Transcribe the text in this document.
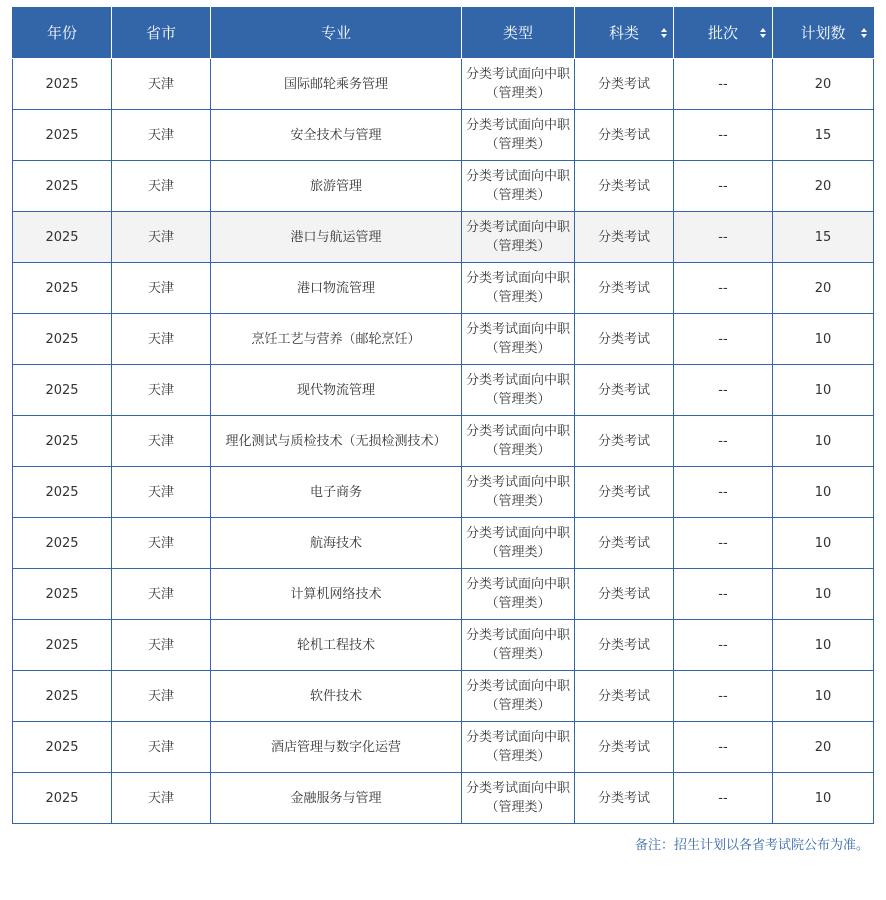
年份	省市	专业	类型	科类	批次	计划数

2025	天津	国际邮轮乘务管理	分类考试面向中职（管理类）	分类考试	--	20
2025	天津	安全技术与管理	分类考试面向中职（管理类）	分类考试	--	15
2025	天津	旅游管理	分类考试面向中职（管理类）	分类考试	--	20
2025	天津	港口与航运管理	分类考试面向中职（管理类）	分类考试	--	15
2025	天津	港口物流管理	分类考试面向中职（管理类）	分类考试	--	20
2025	天津	烹饪工艺与营养（邮轮烹饪）	分类考试面向中职（管理类）	分类考试	--	10
2025	天津	现代物流管理	分类考试面向中职（管理类）	分类考试	--	10
2025	天津	理化测试与质检技术（无损检测技术）	分类考试面向中职（管理类）	分类考试	--	10
2025	天津	电子商务	分类考试面向中职（管理类）	分类考试	--	10
2025	天津	航海技术	分类考试面向中职（管理类）	分类考试	--	10
2025	天津	计算机网络技术	分类考试面向中职（管理类）	分类考试	--	10
2025	天津	轮机工程技术	分类考试面向中职（管理类）	分类考试	--	10
2025	天津	软件技术	分类考试面向中职（管理类）	分类考试	--	10
2025	天津	酒店管理与数字化运营	分类考试面向中职（管理类）	分类考试	--	20
2025	天津	金融服务与管理	分类考试面向中职（管理类）	分类考试	--	10
备注：招生计划以各省考试院公布为准。
